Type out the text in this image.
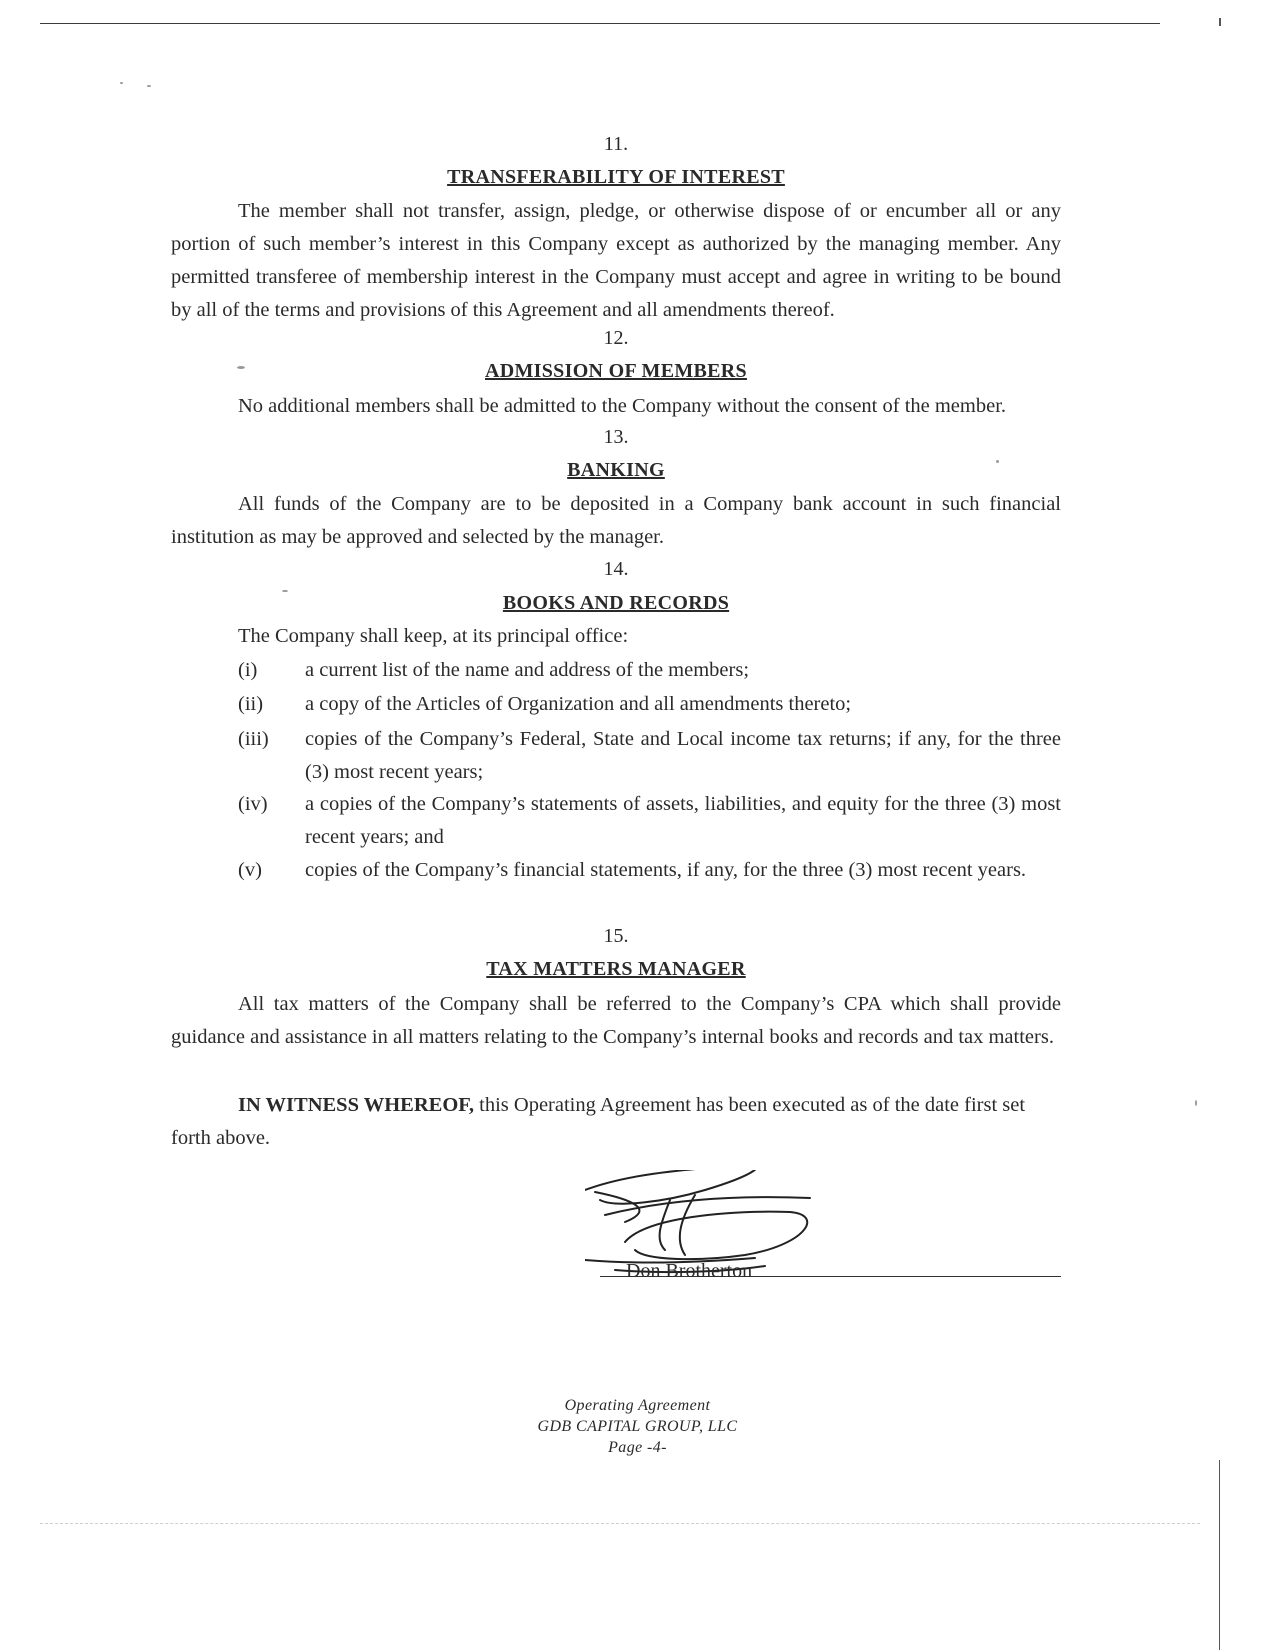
11.
TRANSFERABILITY OF INTEREST
The member shall not transfer, assign, pledge, or otherwise dispose of or encumber all or any portion of such member’s interest in this Company except as authorized by the managing member. Any permitted transferee of membership interest in the Company must accept and agree in writing to be bound by all of the terms and provisions of this Agreement and all amendments thereof.
12.
ADMISSION OF MEMBERS
No additional members shall be admitted to the Company without the consent of the member.
13.
BANKING
All funds of the Company are to be deposited in a Company bank account in such financial institution as may be approved and selected by the manager.
14.
BOOKS AND RECORDS
The Company shall keep, at its principal office:
(i) a current list of the name and address of the members;
(ii) a copy of the Articles of Organization and all amendments thereto;
(iii) copies of the Company’s Federal, State and Local income tax returns; if any, for the three (3) most recent years;
(iv) a copies of the Company’s statements of assets, liabilities, and equity for the three (3) most recent years; and
(v) copies of the Company’s financial statements, if any, for the three (3) most recent years.
15.
TAX MATTERS MANAGER
All tax matters of the Company shall be referred to the Company’s CPA which shall provide guidance and assistance in all matters relating to the Company’s internal books and records and tax matters.
IN WITNESS WHEREOF, this Operating Agreement has been executed as of the date first set forth above.
Don Brotherton
Operating Agreement
GDB CAPITAL GROUP, LLC
Page -4-
